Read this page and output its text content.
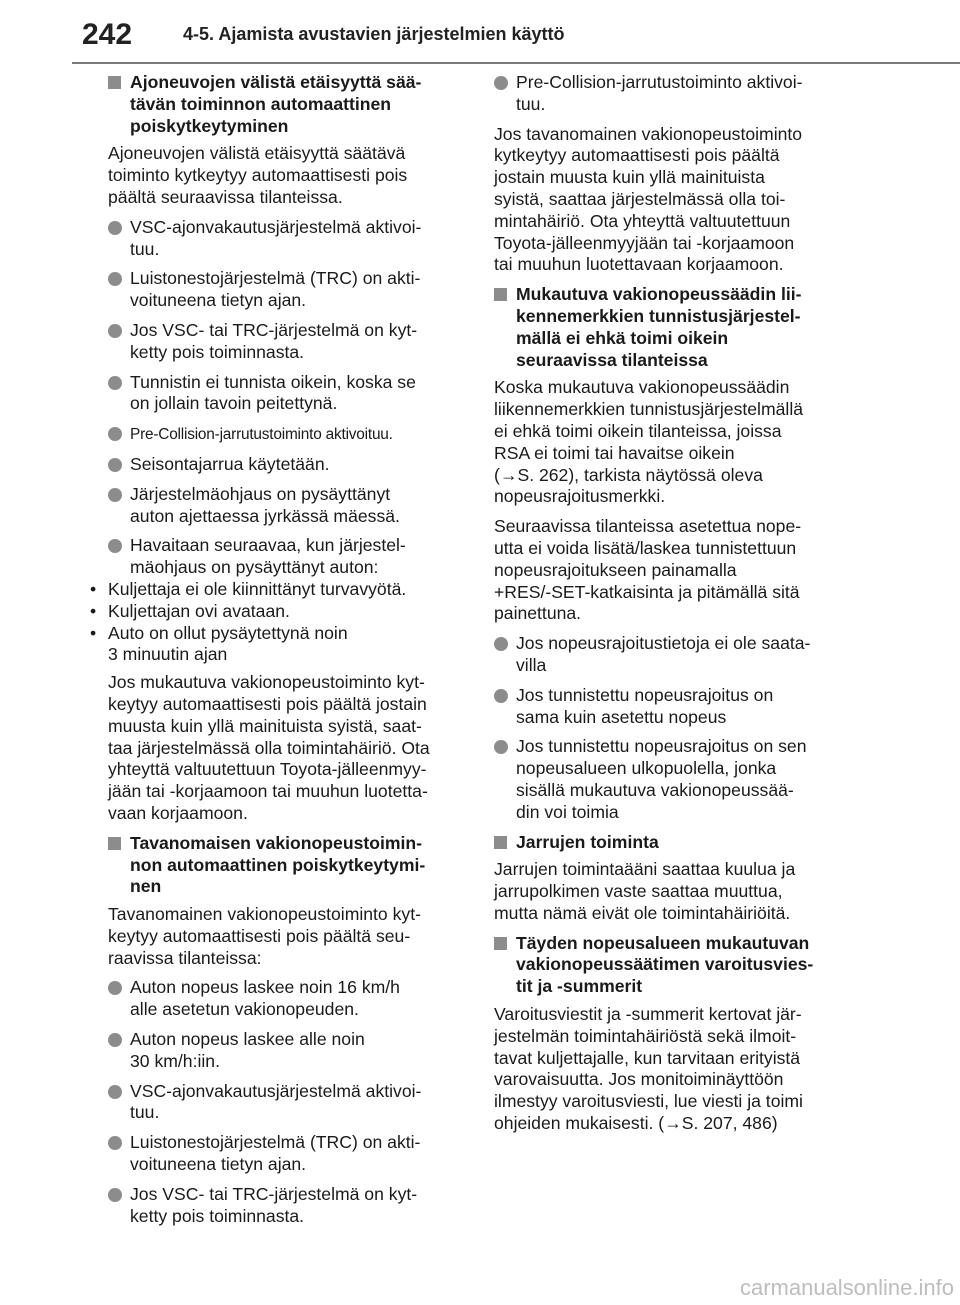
242	4-5. Ajamista avustavien järjestelmien käyttö
Ajoneuvojen välistä etäisyyttä sää-
tävän toiminnon automaattinen
poiskytkeytyminen
Ajoneuvojen välistä etäisyyttä säätävä
toiminto kytkeytyy automaattisesti pois
päältä seuraavissa tilanteissa.
VSC-ajonvakautusjärjestelmä aktivoi-
tuu.
Luistonestojärjestelmä (TRC) on akti-
voituneena tietyn ajan.
Jos VSC- tai TRC-järjestelmä on kyt-
ketty pois toiminnasta.
Tunnistin ei tunnista oikein, koska se
on jollain tavoin peitettynä.
Pre-Collision-jarrutustoiminto aktivoituu.
Seisontajarrua käytetään.
Järjestelmäohjaus on pysäyttänyt
auton ajettaessa jyrkässä mäessä.
Havaitaan seuraavaa, kun järjestel-
mäohjaus on pysäyttänyt auton:
• Kuljettaja ei ole kiinnittänyt turvavyötä.
• Kuljettajan ovi avataan.
• Auto on ollut pysäytettynä noin
3 minuutin ajan
Jos mukautuva vakionopeustoiminto kyt-
keytyy automaattisesti pois päältä jostain
muusta kuin yllä mainituista syistä, saat-
taa järjestelmässä olla toimintahäiriö. Ota
yhteyttä valtuutettuun Toyota-jälleenmyy-
jään tai -korjaamoon tai muuhun luotetta-
vaan korjaamoon.
Tavanomaisen vakionopeustoimin-
non automaattinen poiskytkeytymi-
nen
Tavanomainen vakionopeustoiminto kyt-
keytyy automaattisesti pois päältä seu-
raavissa tilanteissa:
Auton nopeus laskee noin 16 km/h
alle asetetun vakionopeuden.
Auton nopeus laskee alle noin
30 km/h:iin.
VSC-ajonvakautusjärjestelmä aktivoi-
tuu.
Luistonestojärjestelmä (TRC) on akti-
voituneena tietyn ajan.
Jos VSC- tai TRC-järjestelmä on kyt-
ketty pois toiminnasta.
Pre-Collision-jarrutustoiminto aktivoi-
tuu.
Jos tavanomainen vakionopeustoiminto
kytkeytyy automaattisesti pois päältä
jostain muusta kuin yllä mainituista
syistä, saattaa järjestelmässä olla toi-
mintahäiriö. Ota yhteyttä valtuutettuun
Toyota-jälleenmyyjään tai -korjaamoon
tai muuhun luotettavaan korjaamoon.
Mukautuva vakionopeussäädin lii-
kennemerkkien tunnistusjärjestel-
mällä ei ehkä toimi oikein
seuraavissa tilanteissa
Koska mukautuva vakionopeussäädin
liikennemerkkien tunnistusjärjestelmällä
ei ehkä toimi oikein tilanteissa, joissa
RSA ei toimi tai havaitse oikein
(→S. 262), tarkista näytössä oleva
nopeusrajoitusmerkki.
Seuraavissa tilanteissa asetettua nope-
utta ei voida lisätä/laskea tunnistettuun
nopeusrajoitukseen painamalla
+RES/-SET-katkaisinta ja pitämällä sitä
painettuna.
Jos nopeusrajoitustietoja ei ole saata-
villa
Jos tunnistettu nopeusrajoitus on
sama kuin asetettu nopeus
Jos tunnistettu nopeusrajoitus on sen
nopeusalueen ulkopuolella, jonka
sisällä mukautuva vakionopeussää-
din voi toimia
Jarrujen toiminta
Jarrujen toimintaääni saattaa kuulua ja
jarrupolkimen vaste saattaa muuttua,
mutta nämä eivät ole toimintahäiriöitä.
Täyden nopeusalueen mukautuvan
vakionopeussäätimen varoitusvies-
tit ja -summerit
Varoitusviestit ja -summerit kertovat jär-
jestelmän toimintahäiriöstä sekä ilmoit-
tavat kuljettajalle, kun tarvitaan erityistä
varovaisuutta. Jos monitoiminäyttöön
ilmestyy varoitusviesti, lue viesti ja toimi
ohjeiden mukaisesti. (→S. 207, 486)
carmanualsonline.info
